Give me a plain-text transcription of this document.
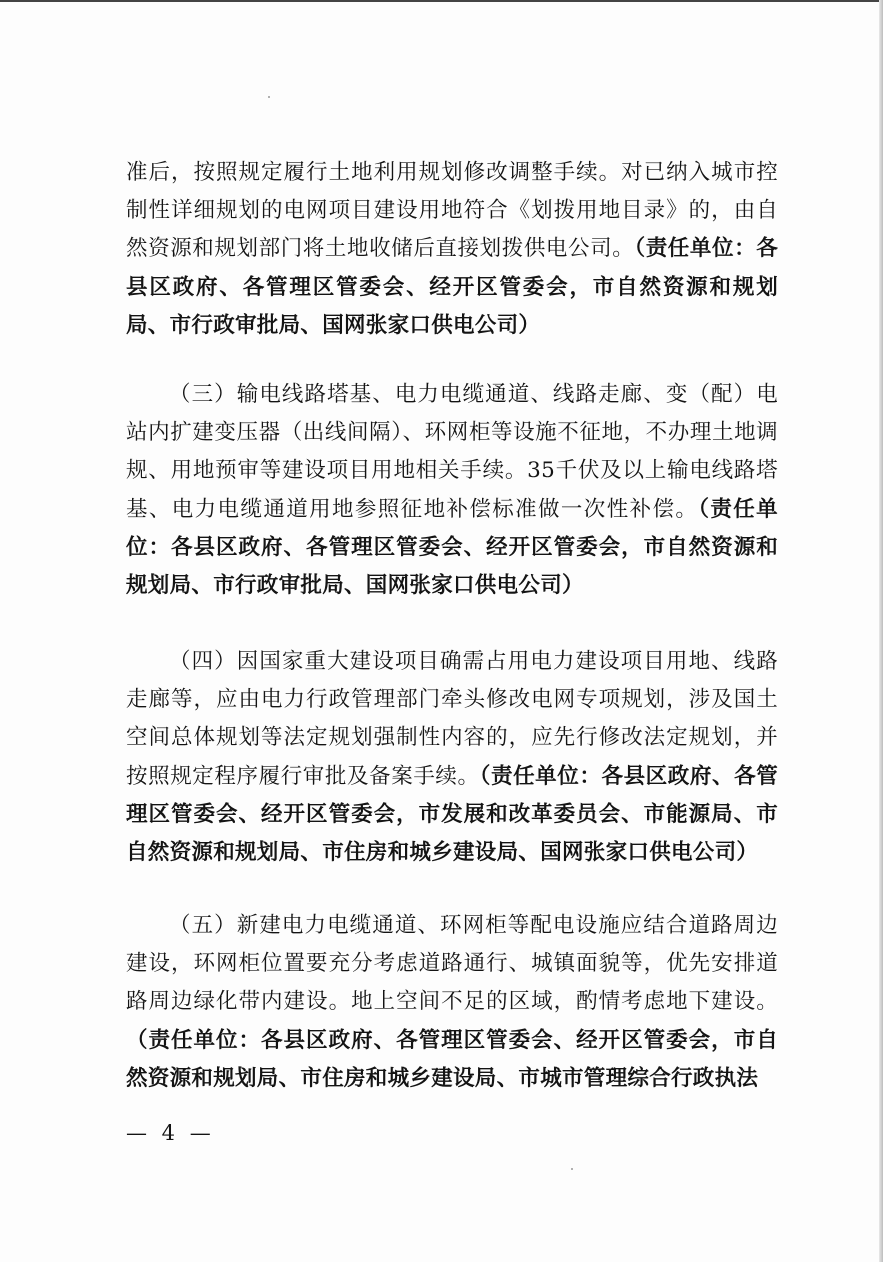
准后，按照规定履行土地利用规划修改调整手续。对已纳入城市控制性详细规划的电网项目建设用地符合《划拨用地目录》的，由自然资源和规划部门将土地收储后直接划拨供电公司。（责任单位：各县区政府、各管理区管委会、经开区管委会，市自然资源和规划局、市行政审批局、国网张家口供电公司）

（三）输电线路塔基、电力电缆通道、线路走廊、变（配）电站内扩建变压器（出线间隔）、环网柜等设施不征地，不办理土地调规、用地预审等建设项目用地相关手续。35千伏及以上输电线路塔基、电力电缆通道用地参照征地补偿标准做一次性补偿。（责任单位：各县区政府、各管理区管委会、经开区管委会，市自然资源和规划局、市行政审批局、国网张家口供电公司）

（四）因国家重大建设项目确需占用电力建设项目用地、线路走廊等，应由电力行政管理部门牵头修改电网专项规划，涉及国土空间总体规划等法定规划强制性内容的，应先行修改法定规划，并按照规定程序履行审批及备案手续。（责任单位：各县区政府、各管理区管委会、经开区管委会，市发展和改革委员会、市能源局、市自然资源和规划局、市住房和城乡建设局、国网张家口供电公司）

（五）新建电力电缆通道、环网柜等配电设施应结合道路周边建设，环网柜位置要充分考虑道路通行、城镇面貌等，优先安排道路周边绿化带内建设。地上空间不足的区域，酌情考虑地下建设。（责任单位：各县区政府、各管理区管委会、经开区管委会，市自然资源和规划局、市住房和城乡建设局、市城市管理综合行政执法

— 4 —
